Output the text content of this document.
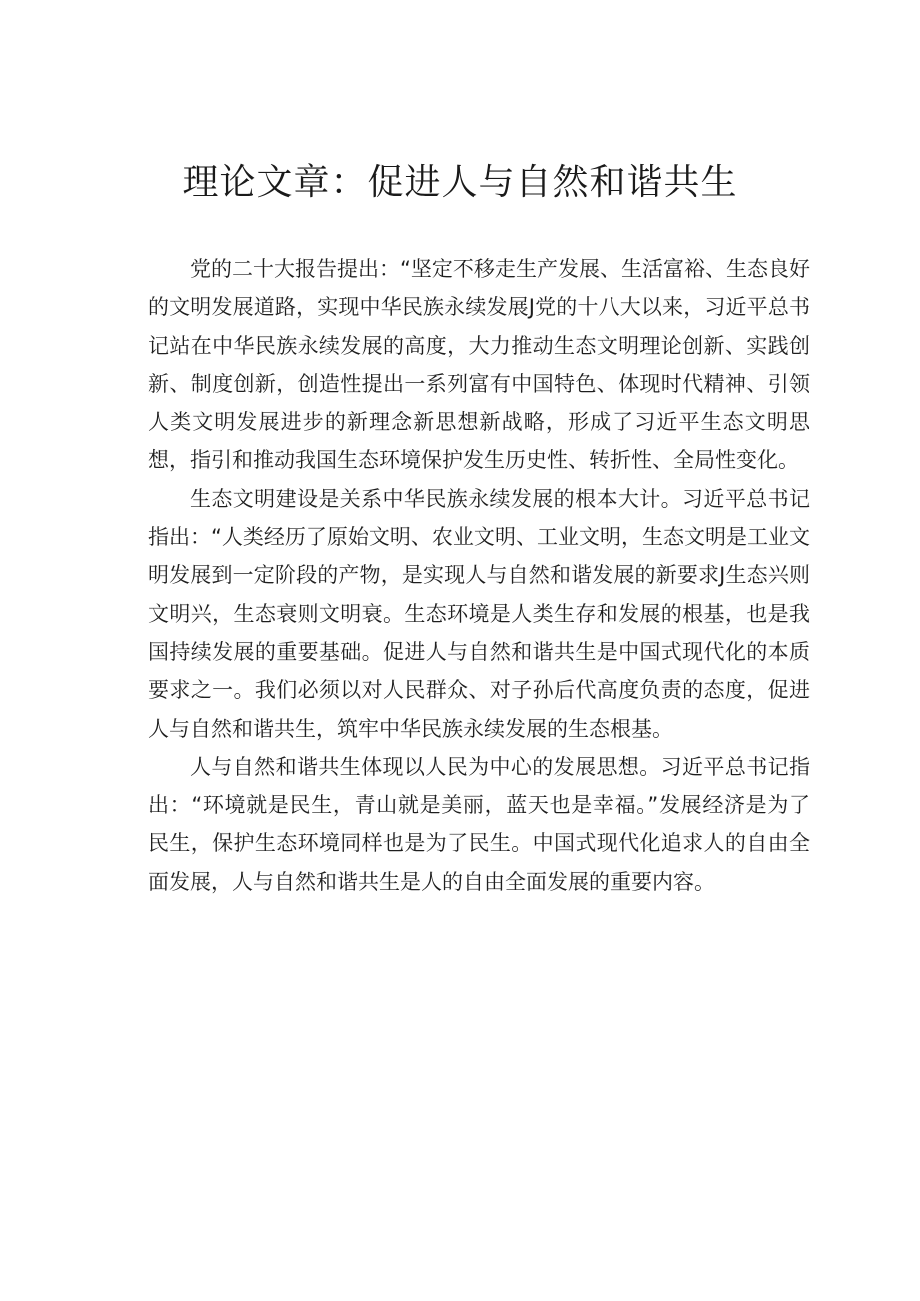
理论文章：促进人与自然和谐共生

党的二十大报告提出：“坚定不移走生产发展、生活富裕、生态良好的文明发展道路，实现中华民族永续发展J党的十八大以来，习近平总书记站在中华民族永续发展的高度，大力推动生态文明理论创新、实践创新、制度创新，创造性提出一系列富有中国特色、体现时代精神、引领人类文明发展进步的新理念新思想新战略，形成了习近平生态文明思想，指引和推动我国生态环境保护发生历史性、转折性、全局性变化。

生态文明建设是关系中华民族永续发展的根本大计。习近平总书记指出：“人类经历了原始文明、农业文明、工业文明，生态文明是工业文明发展到一定阶段的产物，是实现人与自然和谐发展的新要求J生态兴则文明兴，生态衰则文明衰。生态环境是人类生存和发展的根基，也是我国持续发展的重要基础。促进人与自然和谐共生是中国式现代化的本质要求之一。我们必须以对人民群众、对子孙后代高度负责的态度，促进人与自然和谐共生，筑牢中华民族永续发展的生态根基。

人与自然和谐共生体现以人民为中心的发展思想。习近平总书记指出：“环境就是民生，青山就是美丽，蓝天也是幸福。”发展经济是为了民生，保护生态环境同样也是为了民生。中国式现代化追求人的自由全面发展，人与自然和谐共生是人的自由全面发展的重要内容。
